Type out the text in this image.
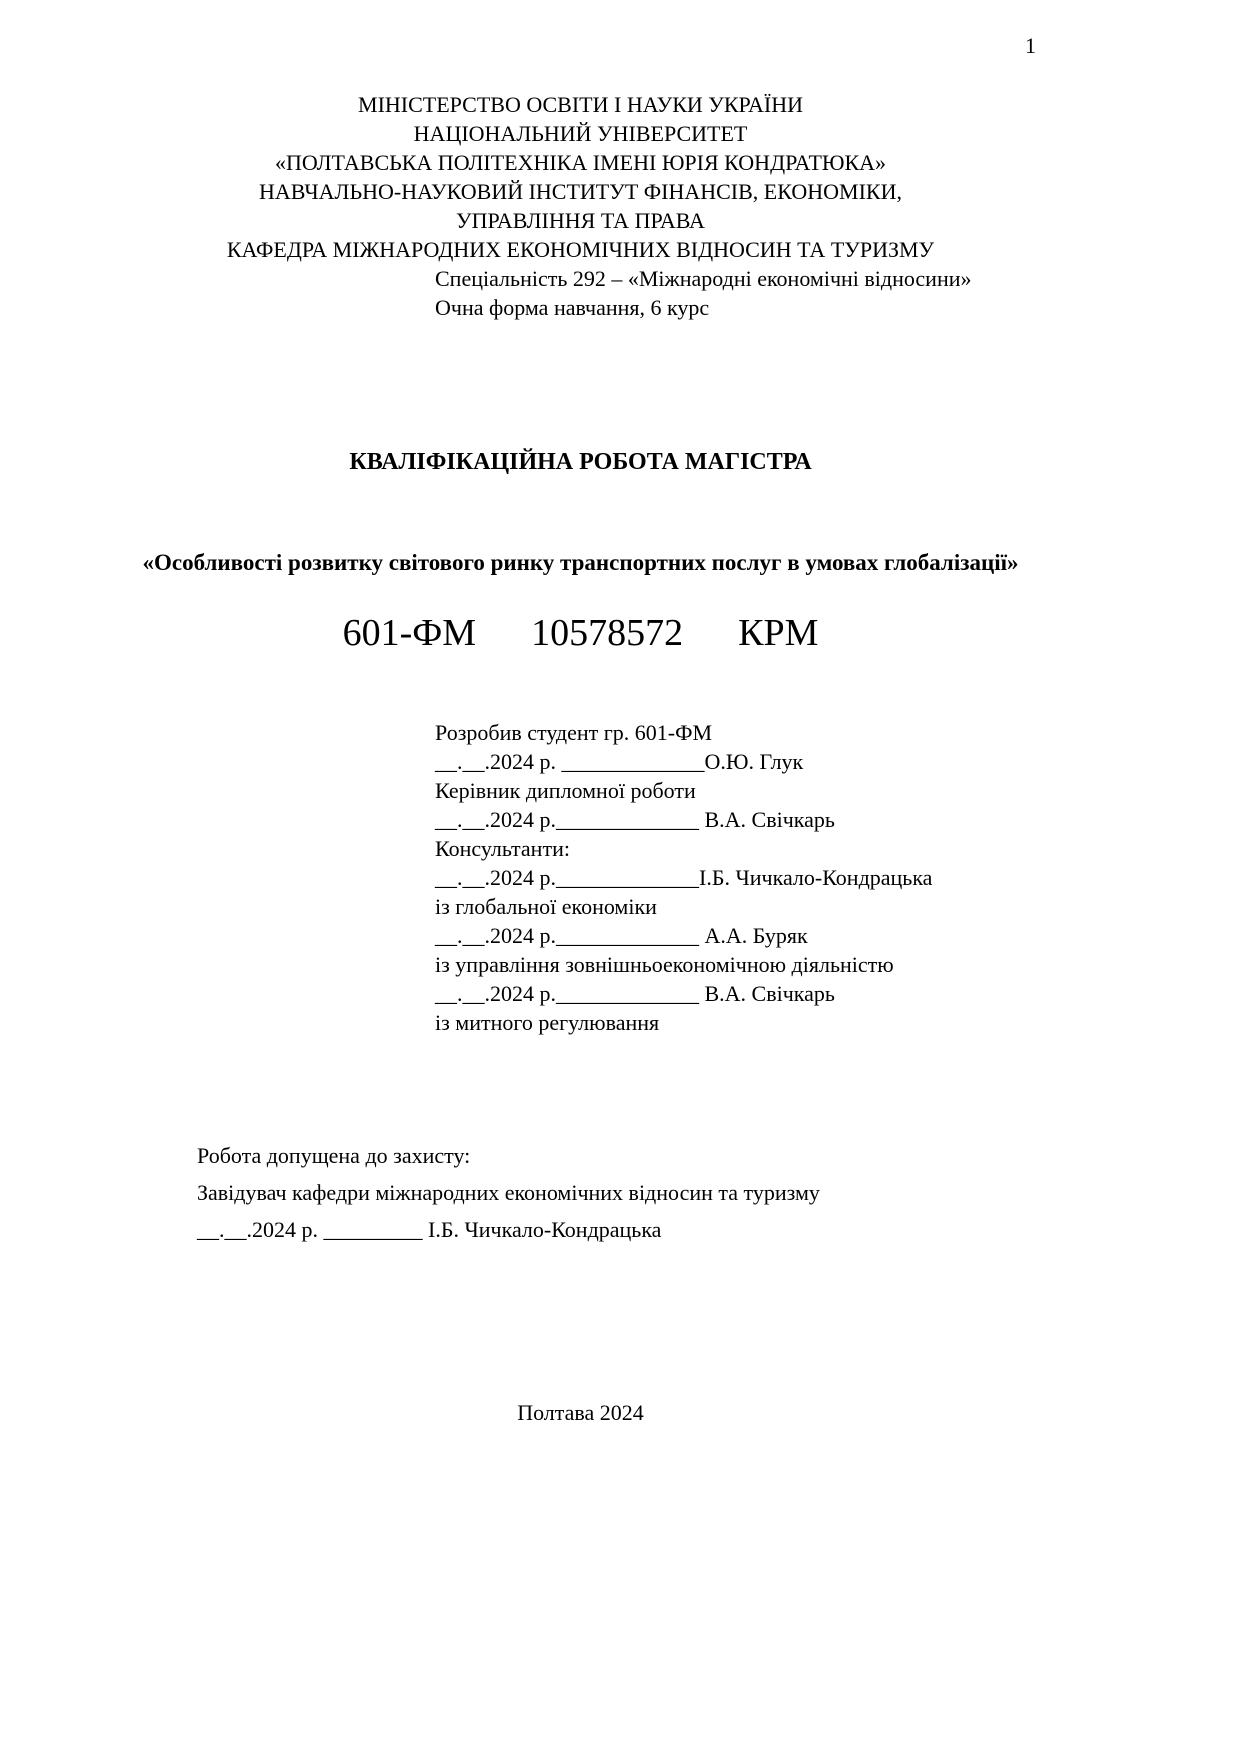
1
МІНІСТЕРСТВО ОСВІТИ І НАУКИ УКРАЇНИ
НАЦІОНАЛЬНИЙ УНІВЕРСИТЕТ
«ПОЛТАВСЬКА ПОЛІТЕХНІКА ІМЕНІ ЮРІЯ КОНДРАТЮКА»
НАВЧАЛЬНО-НАУКОВИЙ ІНСТИТУТ ФІНАНСІВ, ЕКОНОМІКИ,
УПРАВЛІННЯ ТА ПРАВА
КАФЕДРА МІЖНАРОДНИХ ЕКОНОМІЧНИХ ВІДНОСИН ТА ТУРИЗМУ
Спеціальність 292 – «Міжнародні економічні відносини»
Очна форма навчання, 6 курс
КВАЛІФІКАЦІЙНА РОБОТА МАГІСТРА
«Особливості розвитку світового ринку транспортних послуг в умовах глобалізації»
601-ФМ 10578572 КРМ
Розробив студент гр. 601-ФМ
__.__.2024 р. _____________О.Ю. Глук
Керівник дипломної роботи
__.__.2024 р._____________ В.А. Свічкарь
Консультанти:
__.__.2024 р._____________І.Б. Чичкало-Кондрацька
із глобальної економіки
__.__.2024 р._____________ А.А. Буряк
із управління зовнішньоекономічною діяльністю
__.__.2024 р._____________ В.А. Свічкарь
із митного регулювання
Робота допущена до захисту:
Завідувач кафедри міжнародних економічних відносин та туризму
__.__.2024 р. _________ І.Б. Чичкало-Кондрацька
Полтава 2024
